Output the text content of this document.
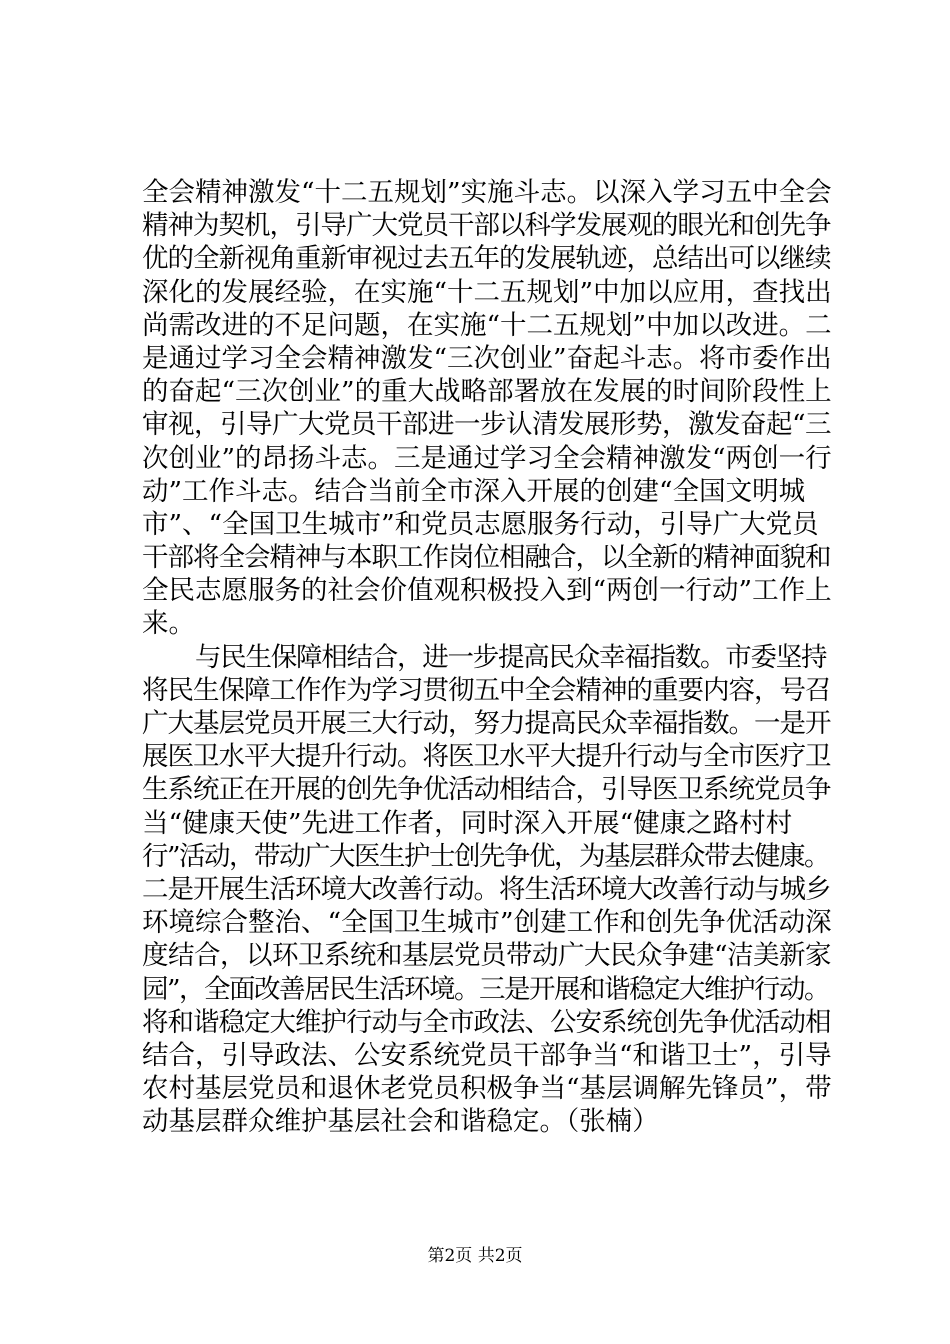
全会精神激发“十二五规划”实施斗志。以深入学习五中全会
精神为契机，引导广大党员干部以科学发展观的眼光和创先争
优的全新视角重新审视过去五年的发展轨迹，总结出可以继续
深化的发展经验，在实施“十二五规划”中加以应用，查找出
尚需改进的不足问题，在实施“十二五规划”中加以改进。二
是通过学习全会精神激发“三次创业”奋起斗志。将市委作出
的奋起“三次创业”的重大战略部署放在发展的时间阶段性上
审视，引导广大党员干部进一步认清发展形势，激发奋起“三
次创业”的昂扬斗志。三是通过学习全会精神激发“两创一行
动”工作斗志。结合当前全市深入开展的创建“全国文明城
市”、“全国卫生城市”和党员志愿服务行动，引导广大党员
干部将全会精神与本职工作岗位相融合，以全新的精神面貌和
全民志愿服务的社会价值观积极投入到“两创一行动”工作上
来。
与民生保障相结合，进一步提高民众幸福指数。市委坚持
将民生保障工作作为学习贯彻五中全会精神的重要内容，号召
广大基层党员开展三大行动，努力提高民众幸福指数。一是开
展医卫水平大提升行动。将医卫水平大提升行动与全市医疗卫
生系统正在开展的创先争优活动相结合，引导医卫系统党员争
当“健康天使”先进工作者，同时深入开展“健康之路村村
行”活动，带动广大医生护士创先争优，为基层群众带去健康。
二是开展生活环境大改善行动。将生活环境大改善行动与城乡
环境综合整治、“全国卫生城市”创建工作和创先争优活动深
度结合，以环卫系统和基层党员带动广大民众争建“洁美新家
园”，全面改善居民生活环境。三是开展和谐稳定大维护行动。
将和谐稳定大维护行动与全市政法、公安系统创先争优活动相
结合，引导政法、公安系统党员干部争当“和谐卫士”，引导
农村基层党员和退休老党员积极争当“基层调解先锋员”，带
动基层群众维护基层社会和谐稳定。（张楠）
第2页 共2页
